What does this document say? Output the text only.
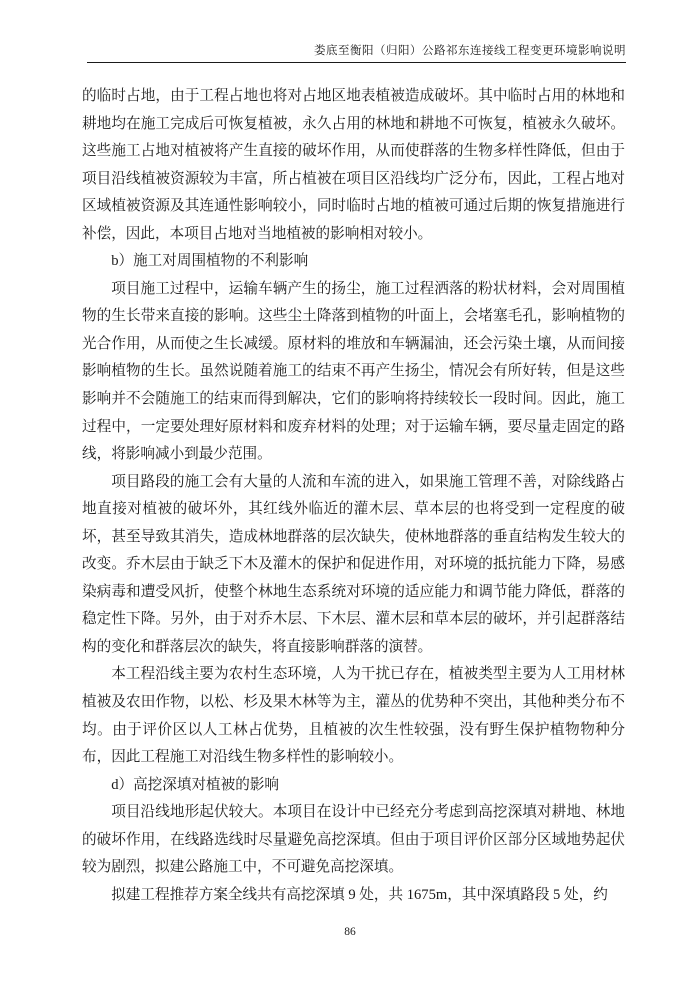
娄底至衡阳（归阳）公路祁东连接线工程变更环境影响说明

的临时占地，由于工程占地也将对占地区地表植被造成破坏。其中临时占用的林地和耕地均在施工完成后可恢复植被，永久占用的林地和耕地不可恢复，植被永久破坏。这些施工占地对植被将产生直接的破坏作用，从而使群落的生物多样性降低，但由于项目沿线植被资源较为丰富，所占植被在项目区沿线均广泛分布，因此，工程占地对区域植被资源及其连通性影响较小，同时临时占地的植被可通过后期的恢复措施进行补偿，因此，本项目占地对当地植被的影响相对较小。

b）施工对周围植物的不利影响

项目施工过程中，运输车辆产生的扬尘，施工过程洒落的粉状材料，会对周围植物的生长带来直接的影响。这些尘土降落到植物的叶面上，会堵塞毛孔，影响植物的光合作用，从而使之生长减缓。原材料的堆放和车辆漏油，还会污染土壤，从而间接影响植物的生长。虽然说随着施工的结束不再产生扬尘，情况会有所好转，但是这些影响并不会随施工的结束而得到解决，它们的影响将持续较长一段时间。因此，施工过程中，一定要处理好原材料和废弃材料的处理；对于运输车辆，要尽量走固定的路线，将影响减小到最少范围。

项目路段的施工会有大量的人流和车流的进入，如果施工管理不善，对除线路占地直接对植被的破坏外，其红线外临近的灌木层、草本层的也将受到一定程度的破坏，甚至导致其消失，造成林地群落的层次缺失，使林地群落的垂直结构发生较大的改变。乔木层由于缺乏下木及灌木的保护和促进作用，对环境的抵抗能力下降，易感染病毒和遭受风折，使整个林地生态系统对环境的适应能力和调节能力降低，群落的稳定性下降。另外，由于对乔木层、下木层、灌木层和草本层的破坏，并引起群落结构的变化和群落层次的缺失，将直接影响群落的演替。

本工程沿线主要为农村生态环境，人为干扰已存在，植被类型主要为人工用材林植被及农田作物，以松、杉及果木林等为主，灌丛的优势种不突出，其他种类分布不均。由于评价区以人工林占优势，且植被的次生性较强，没有野生保护植物物种分布，因此工程施工对沿线生物多样性的影响较小。

d）高挖深填对植被的影响

项目沿线地形起伏较大。本项目在设计中已经充分考虑到高挖深填对耕地、林地的破坏作用，在线路选线时尽量避免高挖深填。但由于项目评价区部分区域地势起伏较为剧烈，拟建公路施工中，不可避免高挖深填。

拟建工程推荐方案全线共有高挖深填 9 处，共 1675m，其中深填路段 5 处，约

86
